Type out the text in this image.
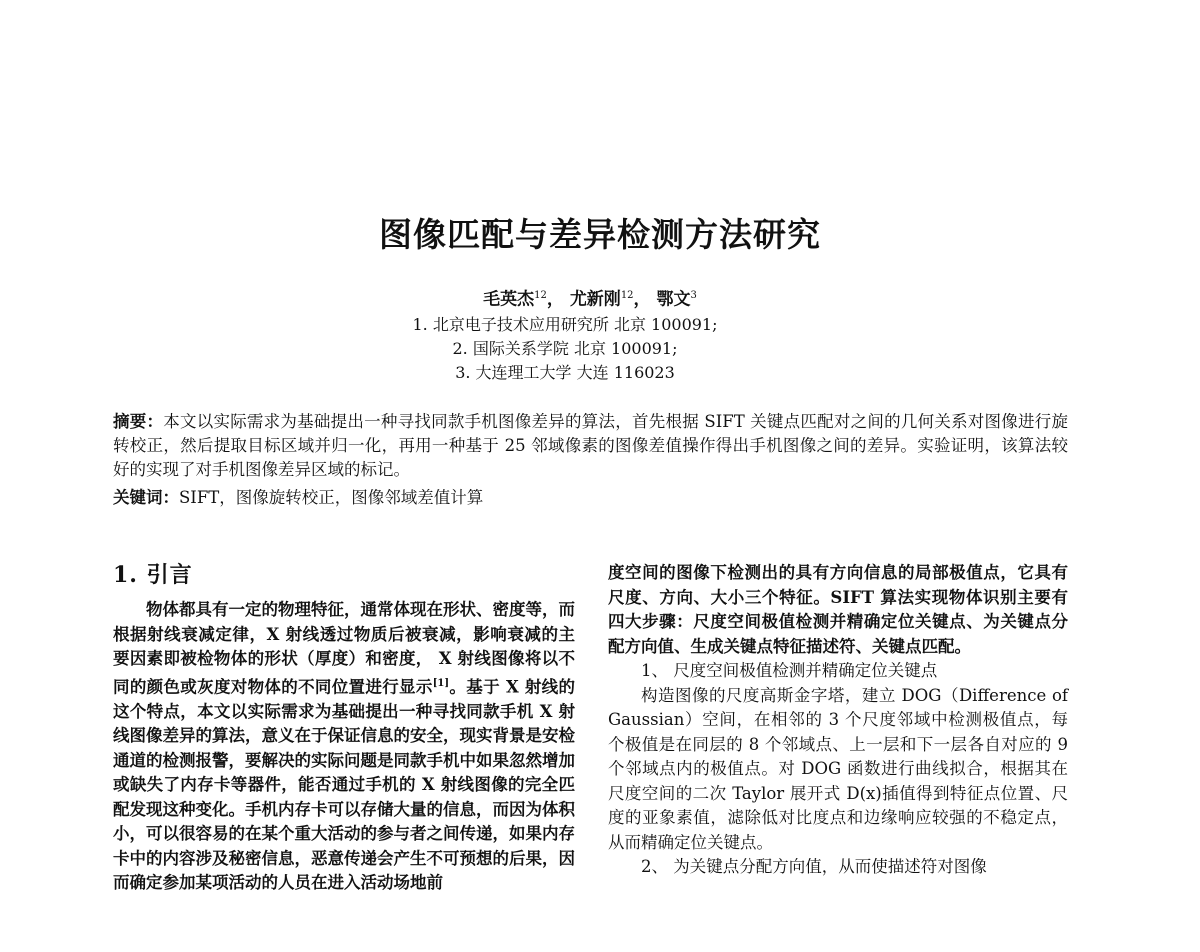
图像匹配与差异检测方法研究
毛英杰$^{12}$， 尤新刚$^{12}$， 鄂文$^3$
1. 北京电子技术应用研究所 北京 100091;
2. 国际关系学院 北京 100091;
3. 大连理工大学 大连 116023
摘要：本文以实际需求为基础提出一种寻找同款手机图像差异的算法，首先根据 SIFT 关键点匹配对之间的几何关系对图像进行旋转校正，然后提取目标区域并归一化，再用一种基于 25 邻域像素的图像差值操作得出手机图像之间的差异。实验证明，该算法较好的实现了对手机图像差异区域的标记。
关键词：SIFT，图像旋转校正，图像邻域差值计算
1. 引言

物体都具有一定的物理特征，通常体现在形状、密度等，而根据射线衰减定律，X 射线透过物质后被衰减，影响衰减的主要因素即被检物体的形状（厚度）和密度， X 射线图像将以不同的颜色或灰度对物体的不同位置进行显示[1]。基于 X 射线的这个特点，本文以实际需求为基础提出一种寻找同款手机 X 射线图像差异的算法，意义在于保证信息的安全，现实背景是安检通道的检测报警，要解决的实际问题是同款手机中如果忽然增加或缺失了内存卡等器件，能否通过手机的 X 射线图像的完全匹配发现这种变化。手机内存卡可以存储大量的信息，而因为体积小，可以很容易的在某个重大活动的参与者之间传递，如果内存卡中的内容涉及秘密信息，恶意传递会产生不可预想的后果，因而确定参加某项活动的人员在进入活动场地前

度空间的图像下检测出的具有方向信息的局部极值点，它具有尺度、方向、大小三个特征。SIFT 算法实现物体识别主要有四大步骤：尺度空间极值检测并精确定位关键点、为关键点分配方向值、生成关键点特征描述符、关键点匹配。

1、 尺度空间极值检测并精确定位关键点

构造图像的尺度高斯金字塔，建立 DOG（Difference of Gaussian）空间，在相邻的 3 个尺度邻域中检测极值点，每个极值是在同层的 8 个邻域点、上一层和下一层各自对应的 9 个邻域点内的极值点。对 DOG 函数进行曲线拟合，根据其在尺度空间的二次 Taylor 展开式 D(x)插值得到特征点位置、尺度的亚象素值，滤除低对比度点和边缘响应较强的不稳定点，从而精确定位关键点。

2、 为关键点分配方向值，从而使描述符对图像
